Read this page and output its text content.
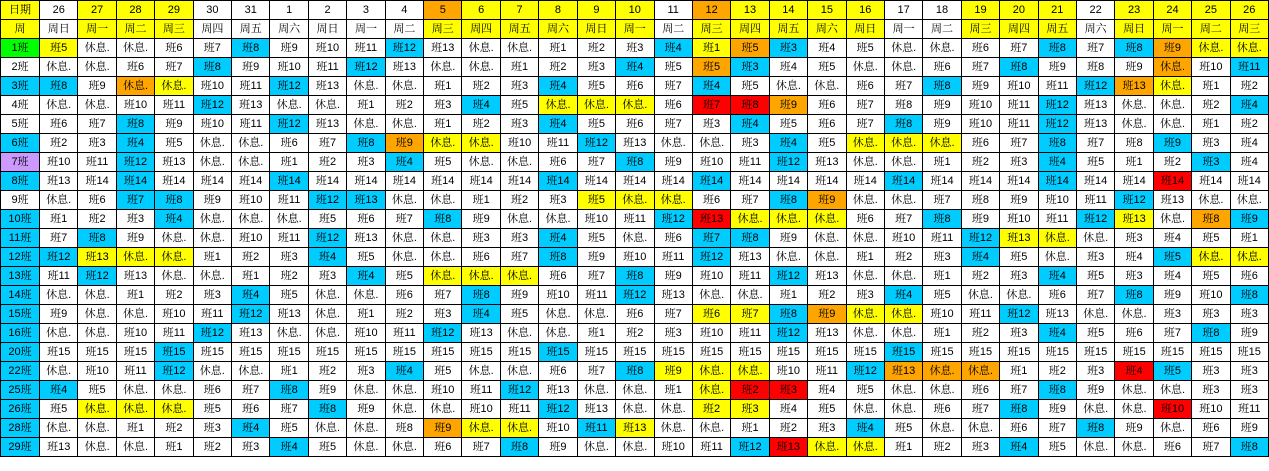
日期	26	27	28	29	30	31	1	2	3	4	5	6	7	8	9	10	11	12	13	14	15	16	17	18	19	20	21	22	23	24	25	26
周	周日	周一	周二	周三	周四	周五	周六	周日	周一	周二	周三	周四	周五	周六	周日	周一	周二	周三	周四	周五	周六	周日	周一	周二	周三	周四	周五	周六	周日	周一	周二	周三
1班	班5	休息.	休息.	班6	班7	班8	班9	班10	班11	班12	班13	休息.	休息.	班1	班2	班3	班4	班1	班5	班3	班4	班5	休息.	休息.	班6	班7	班8	班7	班8	班9	休息.	休息.
2班	休息.	休息.	班6	班7	班8	班9	班10	班11	班12	班13	休息.	休息.	班1	班2	班3	班4	班5	班5	班3	班4	班5	休息.	休息.	班6	班7	班8	班9	班8	班9	休息.	班10	班11
3班	班8	班9	休息.	休息.	班10	班11	班12	班13	休息.	休息.	班1	班2	班3	班4	班5	班6	班7	班4	班5	休息.	休息.	班6	班7	班8	班9	班10	班11	班12	班13	休息.	班1	班2
4班	休息.	休息.	班10	班11	班12	班13	休息.	休息.	班1	班2	班3	班4	班5	休息.	休息.	休息.	班6	班7	班8	班9	班6	班7	班8	班9	班10	班11	班12	班13	休息.	休息.	班2	班4
5班	班6	班7	班8	班9	班10	班11	班12	班13	休息.	休息.	班1	班2	班3	班4	班5	班6	班7	班3	班4	班5	班6	班7	班8	班9	班10	班11	班12	班13	休息.	休息.	班1	班2
6班	班2	班3	班4	班5	休息.	休息.	班6	班7	班8	班9	休息.	休息.	班10	班11	班12	班13	休息.	休息.	班3	班4	班5	休息.	休息.	休息.	班6	班7	班8	班7	班8	班9	班3	班4
7班	班10	班11	班12	班13	休息.	休息.	班1	班2	班3	班4	班5	休息.	休息.	班6	班7	班8	班9	班10	班11	班12	班13	休息.	休息.	班1	班2	班3	班4	班5	班1	班2	班3	班4
8班	班13	班14	班14	班14	班14	班14	班14	班14	班14	班14	班14	班14	班14	班14	班14	班14	班14	班14	班14	班14	班14	班14	班14	班14	班14	班14	班14	班14	班14	班14	班14	班14
9班	休息.	班6	班7	班8	班9	班10	班11	班12	班13	休息.	休息.	班1	班2	班3	班5	休息.	休息.	班6	班7	班8	班9	休息.	休息.	班7	班8	班9	班10	班11	班12	班13	休息.	休息.
10班	班1	班2	班3	班4	休息.	休息.	休息.	班5	班6	班7	班8	班9	休息.	休息.	班10	班11	班12	班13	休息.	休息.	休息.	班6	班7	班8	班9	班10	班11	班12	班13	休息.	班8	班9
11班	班7	班8	班9	休息.	休息.	班10	班11	班12	班13	休息.	休息.	班3	班3	班4	班5	休息.	班6	班7	班8	班9	休息.	休息.	班10	班11	班12	班13	休息.	休息.	班3	班4	班5	班1
12班	班12	班13	休息.	休息.	班1	班2	班3	班4	班5	休息.	休息.	班6	班7	班8	班9	班10	班11	班12	班13	休息.	休息.	班1	班2	班3	班4	班5	休息.	班3	班4	班5	休息.	休息.
13班	班11	班12	班13	休息.	休息.	班1	班2	班3	班4	班5	休息.	休息.	休息.	班6	班7	班8	班9	班10	班11	班12	班13	休息.	休息.	班1	班2	班3	班4	班5	班3	班4	班5	班6
14班	休息.	休息.	班1	班2	班3	班4	班5	休息.	休息.	班6	班7	班8	班9	班10	班11	班12	班13	休息.	休息.	班1	班2	班3	班4	班5	休息.	休息.	班6	班7	班8	班9	班10	班8
15班	班9	休息.	休息.	班10	班11	班12	班13	休息.	班1	班2	班3	班4	班5	休息.	休息.	班6	班7	班6	班7	班8	班9	休息.	休息.	班10	班11	班12	班13	休息.	休息.	班3	班3	班3
16班	休息.	休息.	班10	班11	班12	班13	休息.	休息.	班10	班11	班12	班13	休息.	休息.	班1	班2	班3	班10	班11	班12	班13	休息.	休息.	班1	班2	班3	班4	班5	班6	班7	班8	班9
20班	班15	班15	班15	班15	班15	班15	班15	班15	班15	班15	班15	班15	班15	班15	班15	班15	班15	班15	班15	班15	班15	班15	班15	班15	班15	班15	班15	班15	班15	班15	班15	班15
22班	休息.	班10	班11	班12	休息.	休息.	班1	班2	班3	班4	班5	休息.	休息.	班6	班7	班8	班9	休息.	休息.	班10	班11	班12	班13	休息.	休息.	班1	班2	班3	班4	班5	班3	班3
25班	班4	班5	休息.	休息.	班6	班7	班8	班9	休息.	休息.	班10	班11	班12	班13	休息.	休息.	班1	休息.	班2	班3	班4	班5	休息.	休息.	班6	班7	班8	班9	休息.	休息.	班3	班3
26班	班5	休息.	休息.	休息.	班5	班6	班7	班8	班9	休息.	休息.	班10	班11	班12	班13	休息.	休息.	班2	班3	班4	班5	休息.	休息.	班6	班7	班8	班9	休息.	休息.	班10	班10	班11
28班	休息.	休息.	班1	班2	班3	班4	班5	休息.	休息.	班8	班9	休息.	休息.	班10	班11	班13	休息.	休息.	班1	班2	班3	班4	班5	休息.	休息.	班6	班7	班8	班9	休息.	班6	班9
29班	班13	休息.	休息.	班1	班2	班3	班4	班5	休息.	休息.	班6	班7	班8	班9	休息.	休息.	班10	班11	班12	班13	休息.	休息.	班1	班2	班3	班4	班5	休息.	休息.	班6	班7	班8
